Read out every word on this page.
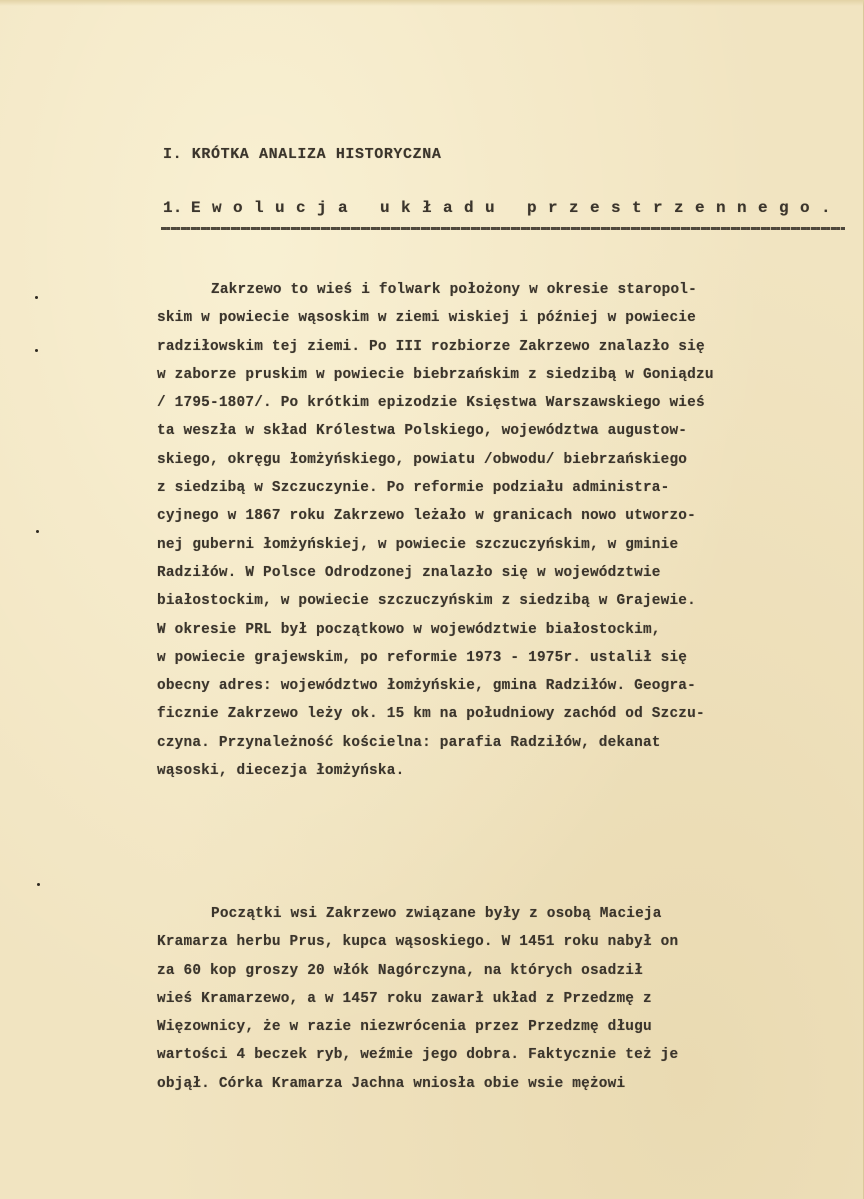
I. KRÓTKA ANALIZA HISTORYCZNA
1. Ewolucja układu przestrzennego.
Zakrzewo to wieś i folwark położony w okresie staropol-
skim w powiecie wąsoskim w ziemi wiskiej i później w powiecie
radziłowskim tej ziemi. Po III rozbiorze Zakrzewo znalazło się
w zaborze pruskim w powiecie biebrzańskim z siedzibą w Goniądzu
/ 1795-1807/. Po krótkim epizodzie Księstwa Warszawskiego wieś
ta weszła w skład Królestwa Polskiego, województwa augustow-
skiego, okręgu łomżyńskiego, powiatu /obwodu/ biebrzańskiego
z siedzibą w Szczuczynie. Po reformie podziału administra-
cyjnego w 1867 roku Zakrzewo leżało w granicach nowo utworzo-
nej guberni łomżyńskiej, w powiecie szczuczyńskim, w gminie
Radziłów. W Polsce Odrodzonej znalazło się w województwie
białostockim, w powiecie szczuczyńskim z siedzibą w Grajewie.
W okresie PRL był początkowo w województwie białostockim,
w powiecie grajewskim, po reformie 1973 - 1975r. ustalił się
obecny adres: województwo łomżyńskie, gmina Radziłów. Geogra-
ficznie Zakrzewo leży ok. 15 km na południowy zachód od Szczu-
czyna. Przynależność kościelna: parafia Radziłów, dekanat
wąsoski, diecezja łomżyńska.
Początki wsi Zakrzewo związane były z osobą Macieja
Kramarza herbu Prus, kupca wąsoskiego. W 1451 roku nabył on
za 60 kop groszy 20 włók Nagórczyna, na których osadził
wieś Kramarzewo, a w 1457 roku zawarł układ z Przedzmę z
Więzownicy, że w razie niezwrócenia przez Przedzmę długu
wartości 4 beczek ryb, weźmie jego dobra. Faktycznie też je
objął. Córka Kramarza Jachna wniosła obie wsie mężowi
